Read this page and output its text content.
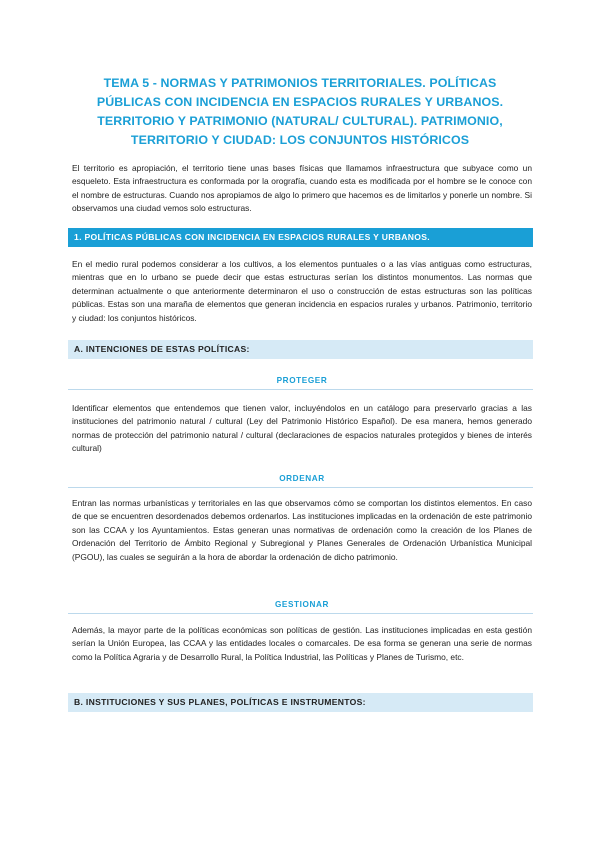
TEMA 5 - NORMAS Y PATRIMONIOS TERRITORIALES. POLÍTICAS PÚBLICAS CON INCIDENCIA EN ESPACIOS RURALES Y URBANOS. TERRITORIO Y PATRIMONIO (NATURAL/ CULTURAL). PATRIMONIO, TERRITORIO Y CIUDAD: LOS CONJUNTOS HISTÓRICOS
El territorio es apropiación, el territorio tiene unas bases físicas que llamamos infraestructura que subyace como un esqueleto. Esta infraestructura es conformada por la orografía, cuando esta es modificada por el hombre se le conoce con el nombre de estructuras. Cuando nos apropiamos de algo lo primero que hacemos es de limitarlos y ponerle un nombre. Si observamos una ciudad vemos solo estructuras.
1. POLÍTICAS PÚBLICAS CON INCIDENCIA EN ESPACIOS RURALES Y URBANOS.
En el medio rural podemos considerar a los cultivos, a los elementos puntuales o a las vías antiguas como estructuras, mientras que en lo urbano se puede decir que estas estructuras serían los distintos monumentos. Las normas que determinan actualmente o que anteriormente determinaron el uso o construcción de estas estructuras son las políticas públicas. Estas son una maraña de elementos que generan incidencia en espacios rurales y urbanos. Patrimonio, territorio y ciudad: los conjuntos históricos.
A. INTENCIONES DE ESTAS POLÍTICAS:
PROTEGER
Identificar elementos que entendemos que tienen valor, incluyéndolos en un catálogo para preservarlo gracias a las instituciones del patrimonio natural / cultural (Ley del Patrimonio Histórico Español). De esa manera, hemos generado normas de protección del patrimonio natural / cultural (declaraciones de espacios naturales protegidos y bienes de interés cultural)
ORDENAR
Entran las normas urbanísticas y territoriales en las que observamos cómo se comportan los distintos elementos. En caso de que se encuentren desordenados debemos ordenarlos. Las instituciones implicadas en la ordenación de este patrimonio son las CCAA y los Ayuntamientos. Estas generan unas normativas de ordenación como la creación de los Planes de Ordenación del Territorio de Ámbito Regional y Subregional y Planes Generales de Ordenación Urbanística Municipal (PGOU), las cuales se seguirán a la hora de abordar la ordenación de dicho patrimonio.
GESTIONAR
Además, la mayor parte de la políticas económicas son políticas de gestión. Las instituciones implicadas en esta gestión serían la Unión Europea, las CCAA y las entidades locales o comarcales. De esa forma se generan una serie de normas como la Política Agraria y de Desarrollo Rural, la Política Industrial, las Políticas y Planes de Turismo, etc.
B. INSTITUCIONES Y SUS PLANES, POLÍTICAS E INSTRUMENTOS:
